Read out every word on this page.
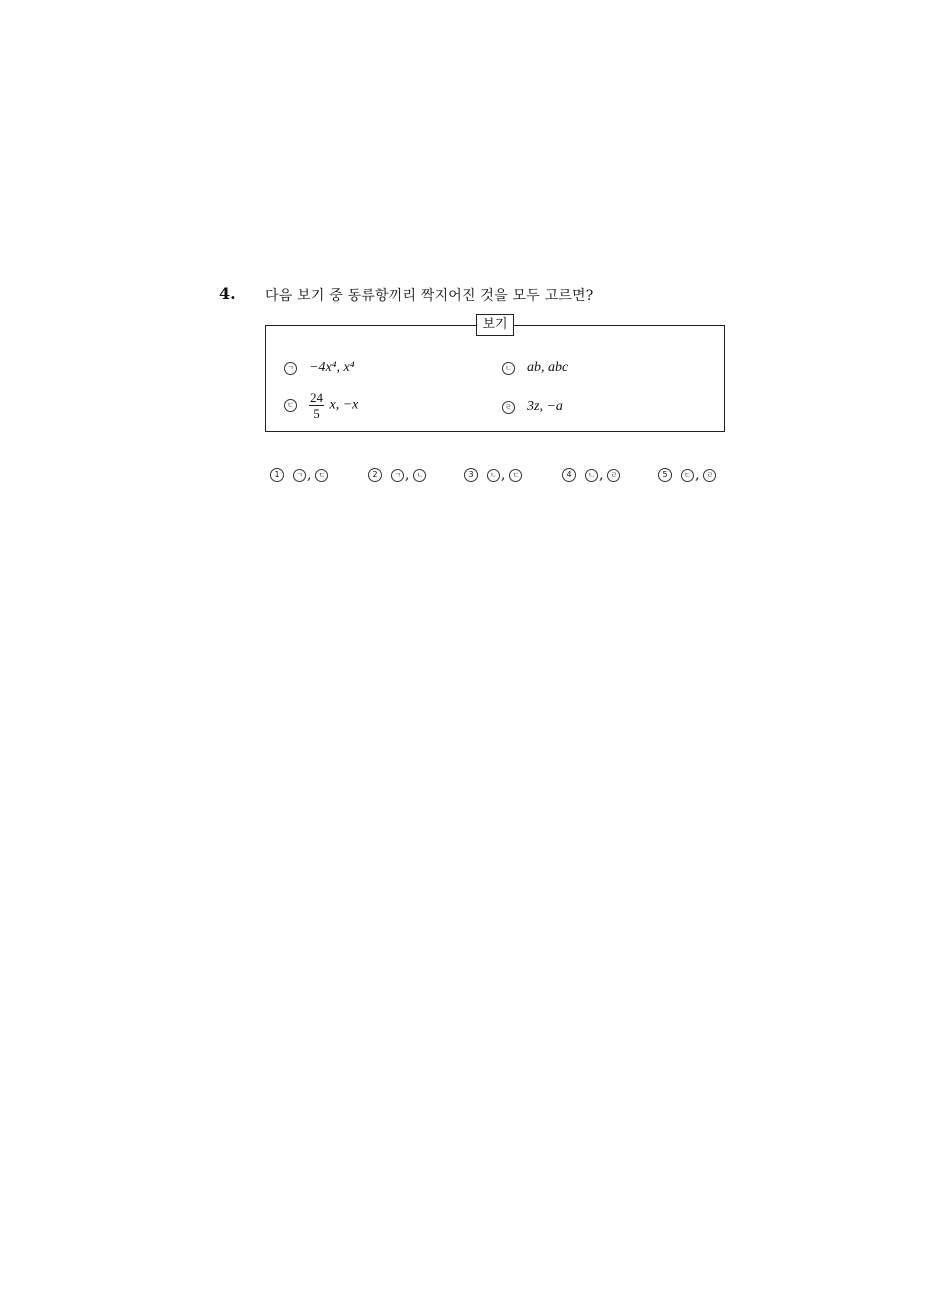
4. 다음 보기 중 동류항끼리 짝지어진 것을 모두 고르면?
보기
ㄱ −4x⁴, x⁴	ㄴ ab, abc
ㄷ $\frac{24}{5} x$, −x	ㄹ 3z, −a
1	ㄱ ,	ㄷ	2	ㄱ ,	ㄴ	3	ㄴ ,	ㄷ	4	ㄴ ,	ㄹ	5	ㄷ ,	ㄹ
